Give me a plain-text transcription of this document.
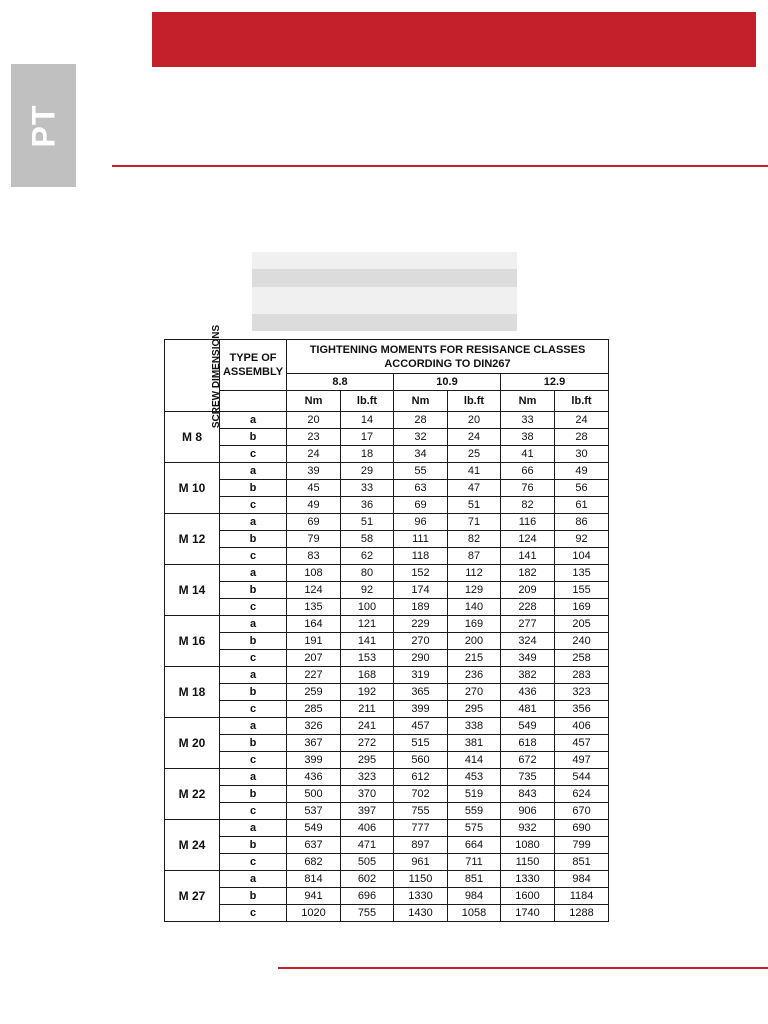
PT
SCREW DIMENSIONS	TYPE OF ASSEMBLY	TIGHTENING MOMENTS FOR RESISANCE CLASSES ACCORDING TO DIN267					
		8.8		10.9		12.9	
		Nm	lb.ft	Nm	lb.ft	Nm	lb.ft
M 8	a	20	14	28	20	33	24
	b	23	17	32	24	38	28
	c	24	18	34	25	41	30
M 10	a	39	29	55	41	66	49
	b	45	33	63	47	76	56
	c	49	36	69	51	82	61
M 12	a	69	51	96	71	116	86
	b	79	58	111	82	124	92
	c	83	62	118	87	141	104
M 14	a	108	80	152	112	182	135
	b	124	92	174	129	209	155
	c	135	100	189	140	228	169
M 16	a	164	121	229	169	277	205
	b	191	141	270	200	324	240
	c	207	153	290	215	349	258
M 18	a	227	168	319	236	382	283
	b	259	192	365	270	436	323
	c	285	211	399	295	481	356
M 20	a	326	241	457	338	549	406
	b	367	272	515	381	618	457
	c	399	295	560	414	672	497
M 22	a	436	323	612	453	735	544
	b	500	370	702	519	843	624
	c	537	397	755	559	906	670
M 24	a	549	406	777	575	932	690
	b	637	471	897	664	1080	799
	c	682	505	961	711	1150	851
M 27	a	814	602	1150	851	1330	984
	b	941	696	1330	984	1600	1184
	c	1020	755	1430	1058	1740	1288
